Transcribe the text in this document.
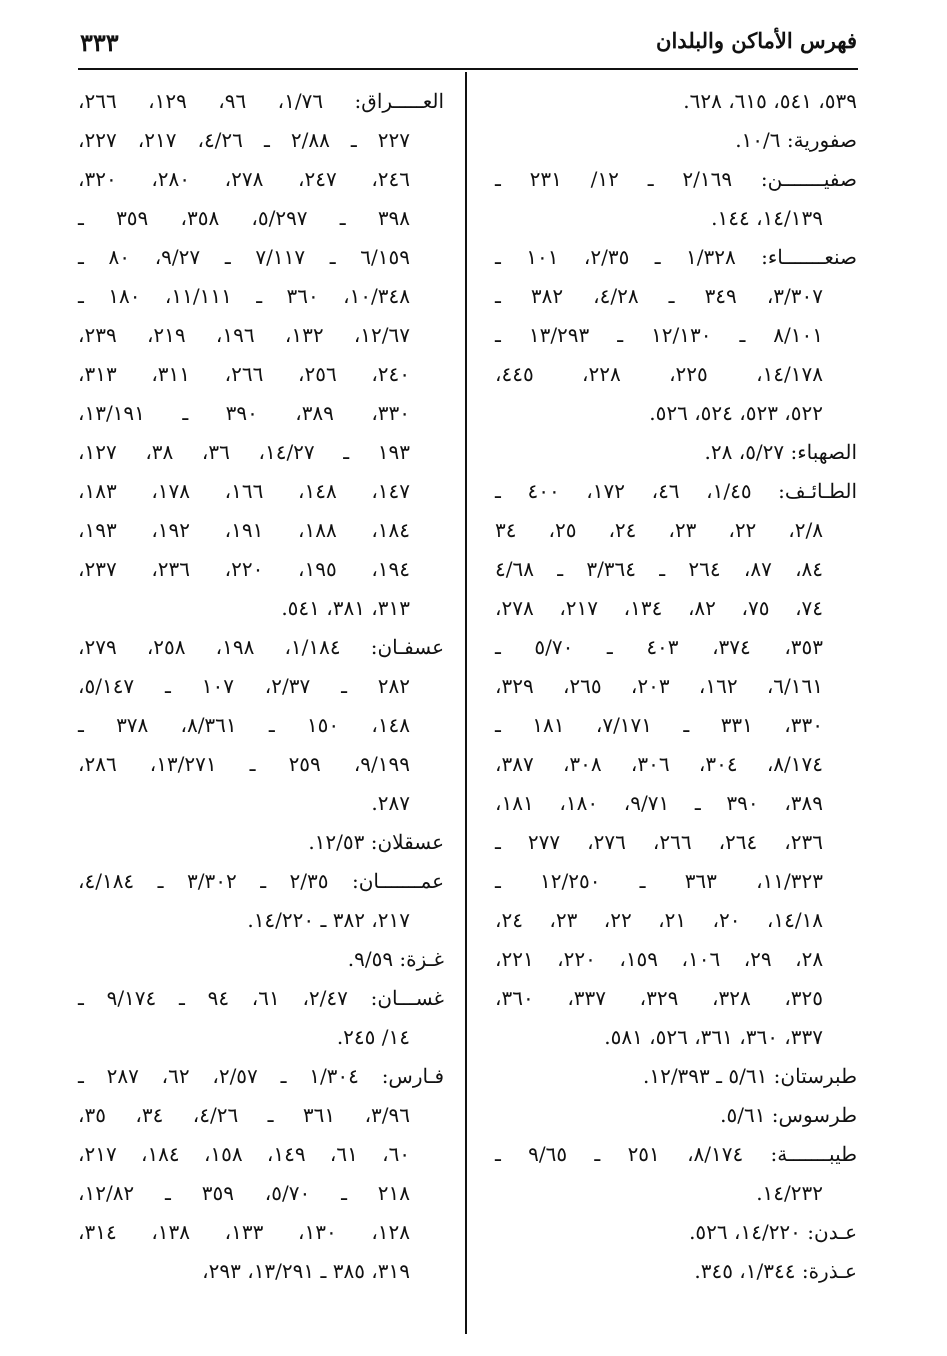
فهرس الأماكن والبلدان
٣٣٣
٥٣٩، ٥٤١، ٦١٥، ٦٢٨.
صفورية: ١٠/٦.
صفيـــــــن: ٢/١٦٩ ـ ١٢/ ٢٣١ ـ
١٤/١٣٩، ١٤٤.
صنعـــــــاء: ١/٣٢٨ ـ ٢/٣٥، ١٠١ ـ
٣/٣٠٧، ٣٤٩ ـ ٤/٢٨، ٣٨٢ ـ
٨/١٠١ ـ ١٢/١٣٠ ـ ١٣/٢٩٣ ـ
١٤/١٧٨، ٢٢٥، ٢٢٨، ٤٤٥،
٥٢٢، ٥٢٣، ٥٢٤، ٥٢٦.
الصهباء: ٥/٢٧، ٢٨.
الطـائـف: ١/٤٥، ٤٦، ١٧٢، ٤٠٠ ـ
٢/٨، ٢٢، ٢٣، ٢٤، ٢٥، ٣٤
٨٤، ٨٧، ٢٦٤ ـ ٣/٣٦٤ ـ ٤/٦٨
٧٤، ٧٥، ٨٢، ١٣٤، ٢١٧، ٢٧٨،
٣٥٣، ٣٧٤، ٤٠٣ ـ ٥/٧٠ ـ
٦/١٦١، ١٦٢، ٢٠٣، ٢٦٥، ٣٢٩،
٣٣٠، ٣٣١ ـ ٧/١٧١، ١٨١ ـ
٨/١٧٤، ٣٠٤، ٣٠٦، ٣٠٨، ٣٨٧،
٣٨٩، ٣٩٠ ـ ٩/٧١، ١٨٠، ١٨١،
٢٣٦، ٢٦٤، ٢٦٦، ٢٧٦، ٢٧٧ ـ
١١/٣٢٣، ٣٦٣ ـ ١٢/٢٥٠ ـ
١٤/١٨، ٢٠، ٢١، ٢٢، ٢٣، ٢٤،
٢٨، ٢٩، ١٠٦، ١٥٩، ٢٢٠، ٢٢١،
٣٢٥، ٣٢٨، ٣٢٩، ٣٣٧، ٣٦٠،
٣٣٧، ٣٦٠، ٣٦١، ٥٢٦، ٥٨١.
طبرستان: ٥/٦١ ـ ١٢/٣٩٣.
طرسوس: ٥/٦١.
طيبـــــــة: ٨/١٧٤، ٢٥١ ـ ٩/٦٥ ـ
١٤/٢٣٢.
عـدن: ١٤/٢٢٠، ٥٢٦.
عـذرة: ١/٣٤٤، ٣٤٥.
العـــــراق: ١/٧٦، ٩٦، ١٢٩، ٢٦٦،
٢٢٧ ـ ٢/٨٨ ـ ٤/٢٦، ٢١٧، ٢٢٧،
٢٤٦، ٢٤٧، ٢٧٨، ٢٨٠، ٣٢٠،
٣٩٨ ـ ٥/٢٩٧، ٣٥٨، ٣٥٩ ـ
٦/١٥٩ ـ ٧/١١٧ ـ ٩/٢٧، ٨٠ ـ
١٠/٣٤٨، ٣٦٠ ـ ١١/١١١، ١٨٠ ـ
١٢/٦٧، ١٣٢، ١٩٦، ٢١٩، ٢٣٩،
٢٤٠، ٢٥٦، ٢٦٦، ٣١١، ٣١٣،
٣٣٠، ٣٨٩، ٣٩٠ ـ ١٣/١٩١،
١٩٣ ـ ١٤/٢٧، ٣٦، ٣٨، ١٢٧،
١٤٧، ١٤٨، ١٦٦، ١٧٨، ١٨٣،
١٨٤، ١٨٨، ١٩١، ١٩٢، ١٩٣،
١٩٤، ١٩٥، ٢٢٠، ٢٣٦، ٢٣٧،
٣١٣، ٣٨١، ٥٤١.
عسفـان: ١/١٨٤، ١٩٨، ٢٥٨، ٢٧٩،
٢٨٢ ـ ٢/٣٧، ١٠٧ ـ ٥/١٤٧،
١٤٨، ١٥٠ ـ ٨/٣٦١، ٣٧٨ ـ
٩/١٩٩، ٢٥٩ ـ ١٣/٢٧١، ٢٨٦،
٢٨٧.
عسقلان: ١٢/٥٣.
عمـــــــان: ٢/٣٥ ـ ٣/٣٠٢ ـ ٤/١٨٤،
٢١٧، ٣٨٢ ـ ١٤/٢٢٠.
غـزة: ٩/٥٩.
غســـان: ٢/٤٧، ٦١، ٩٤ ـ ٩/١٧٤ ـ
١٤/ ٢٤٥.
فـارس: ١/٣٠٤ ـ ٢/٥٧، ٦٢، ٢٨٧ ـ
٣/٩٦، ٣٦١ ـ ٤/٢٦، ٣٤، ٣٥،
٦٠، ٦١، ١٤٩، ١٥٨، ١٨٤، ٢١٧،
٢١٨ ـ ٥/٧٠، ٣٥٩ ـ ١٢/٨٢،
١٢٨، ١٣٠، ١٣٣، ١٣٨، ٣١٤،
٣١٩، ٣٨٥ ـ ١٣/٢٩١، ٢٩٣،
